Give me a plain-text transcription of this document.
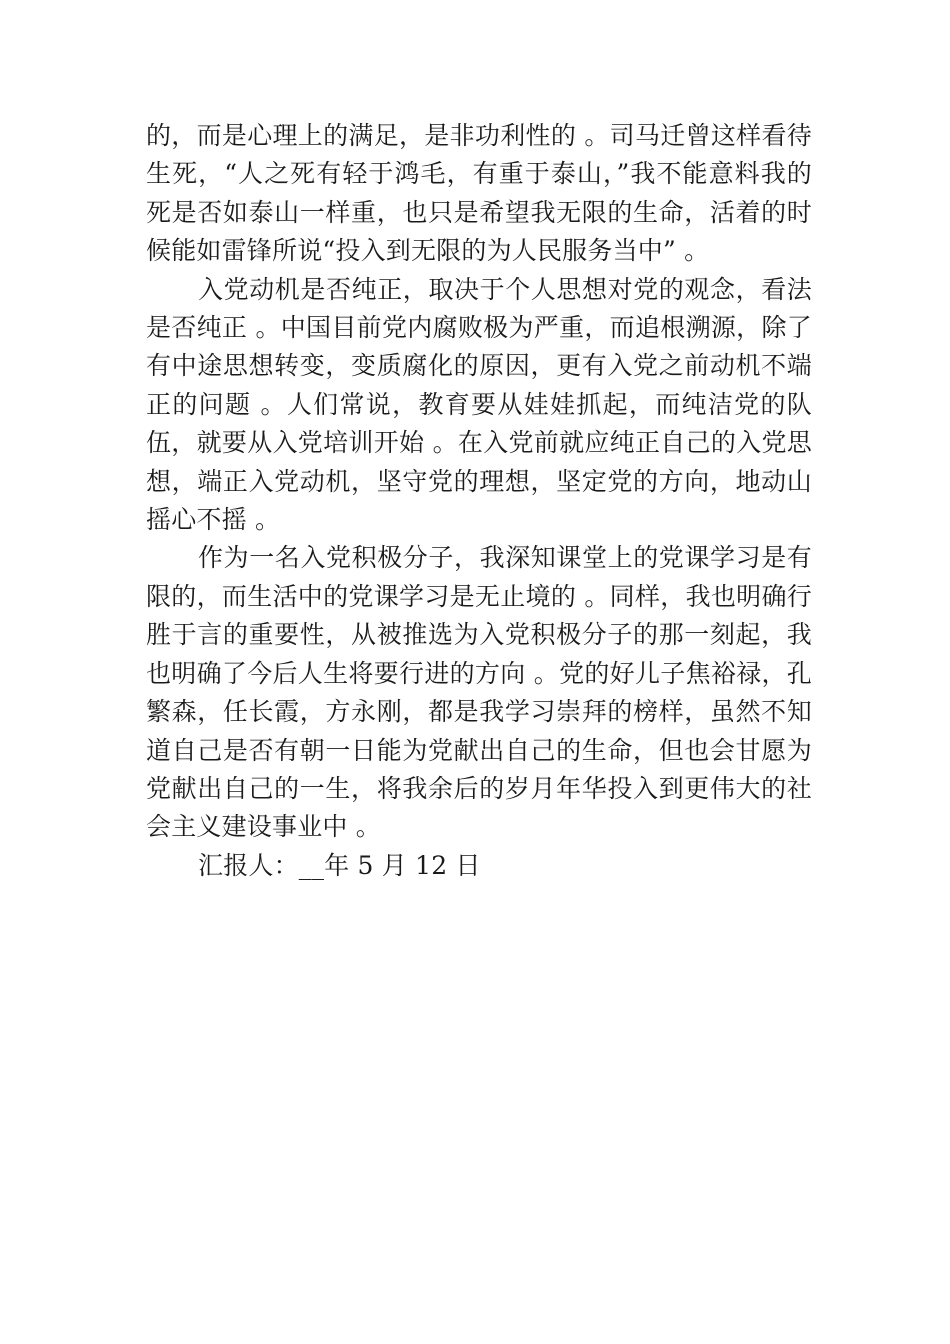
的，而是心理上的满足，是非功利性的 。司马迁曾这样看待生死，“人之死有轻于鸿毛，有重于泰山，”我不能意料我的死是否如泰山一样重，也只是希望我无限的生命，活着的时候能如雷锋所说“投入到无限的为人民服务当中” 。

入党动机是否纯正，取决于个人思想对党的观念，看法是否纯正 。中国目前党内腐败极为严重，而追根溯源，除了有中途思想转变，变质腐化的原因，更有入党之前动机不端正的问题 。人们常说，教育要从娃娃抓起，而纯洁党的队伍，就要从入党培训开始 。在入党前就应纯正自己的入党思想，端正入党动机，坚守党的理想，坚定党的方向，地动山摇心不摇 。

作为一名入党积极分子，我深知课堂上的党课学习是有限的，而生活中的党课学习是无止境的 。同样，我也明确行胜于言的重要性，从被推选为入党积极分子的那一刻起，我也明确了今后人生将要行进的方向 。党的好儿子焦裕禄，孔繁森，任长霞，方永刚，都是我学习崇拜的榜样，虽然不知道自己是否有朝一日能为党献出自己的生命，但也会甘愿为党献出自己的一生，将我余后的岁月年华投入到更伟大的社会主义建设事业中 。

汇报人：__年 5 月 12 日
